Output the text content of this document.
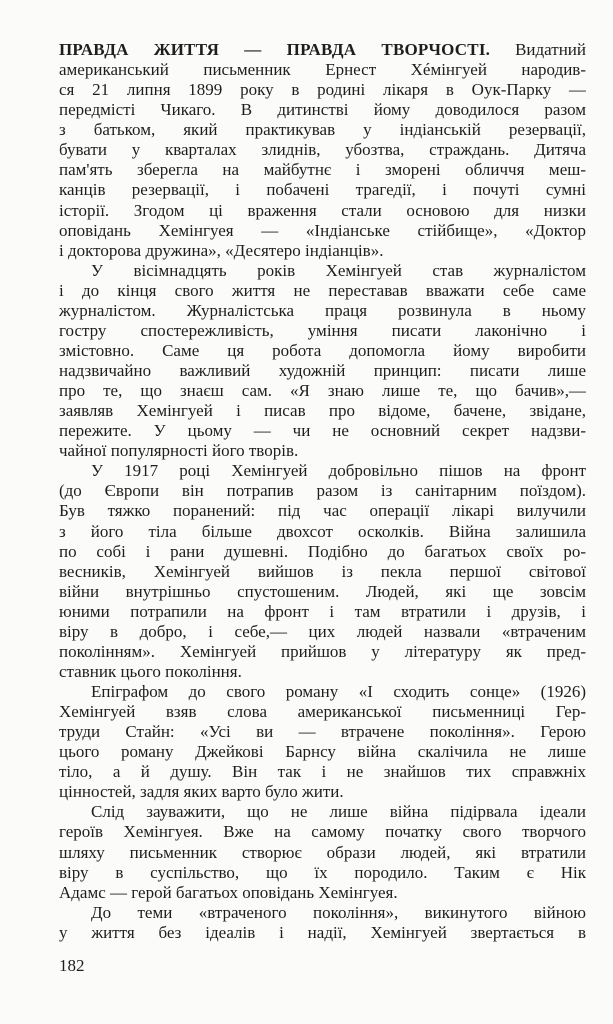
ПРАВДА ЖИТТЯ — ПРАВДА ТВОРЧОСТІ. Видатний
американський письменник Ернест Хéмінгуей народив-
ся 21 липня 1899 року в родині лікаря в Оук-Парку —
передмісті Чикаго. В дитинстві йому доводилося разом
з батьком, який практикував у індіанській резервації,
бувати у кварталах злиднів, убозтва, страждань. Дитяча
пам'ять зберегла на майбутнє і зморені обличчя меш-
канців резервації, і побачені трагедії, і почуті сумні
історії. Згодом ці враження стали основою для низки
оповідань Хемінгуея — «Індіанське стійбище», «Доктор
і докторова дружина», «Десятеро індіанців».
У вісімнадцять років Хемінгуей став журналістом
і до кінця свого життя не переставав вважати себе саме
журналістом. Журналістська праця розвинула в ньому
гостру спостережливість, уміння писати лаконічно і
змістовно. Саме ця робота допомогла йому виробити
надзвичайно важливий художній принцип: писати лише
про те, що знаєш сам. «Я знаю лише те, що бачив»,—
заявляв Хемінгуей і писав про відоме, бачене, звідане,
пережите. У цьому — чи не основний секрет надзви-
чайної популярності його творів.
У 1917 році Хемінгуей добровільно пішов на фронт
(до Європи він потрапив разом із санітарним поїздом).
Був тяжко поранений: під час операції лікарі вилучили
з його тіла більше двохсот осколків. Війна залишила
по собі і рани душевні. Подібно до багатьох своїх ро-
весників, Хемінгуей вийшов із пекла першої світової
війни внутрішньо спустошеним. Людей, які ще зовсім
юними потрапили на фронт і там втратили і друзів, і
віру в добро, і себе,— цих людей назвали «втраченим
поколінням». Хемінгуей прийшов у літературу як пред-
ставник цього покоління.
Епіграфом до свого роману «І сходить сонце» (1926)
Хемінгуей взяв слова американської письменниці Гер-
труди Стайн: «Усі ви — втрачене покоління». Герою
цього роману Джейкові Барнсу війна скалічила не лише
тіло, а й душу. Він так і не знайшов тих справжніх
цінностей, задля яких варто було жити.
Слід зауважити, що не лише війна підірвала ідеали
героїв Хемінгуея. Вже на самому початку свого творчого
шляху письменник створює образи людей, які втратили
віру в суспільство, що їх породило. Таким є Нік
Адамс — герой багатьох оповідань Хемінгуея.
До теми «втраченого покоління», викинутого війною
у життя без ідеалів і надії, Хемінгуей звертається в
182
